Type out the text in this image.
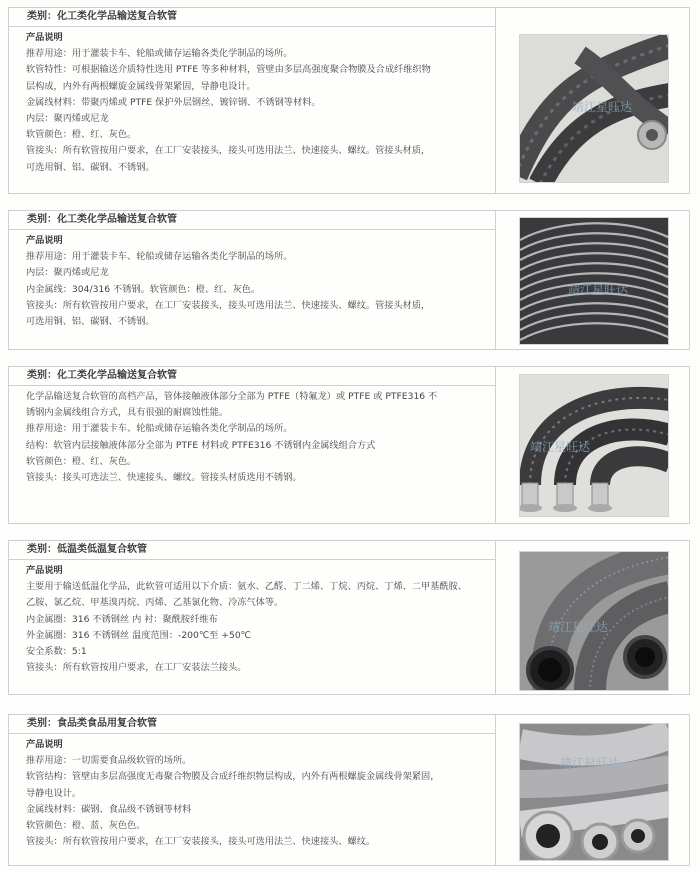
类别：化工类化学品输送复合软管
产品说明
推荐用途：用于灌装卡车、轮船或储存运输各类化学制品的场所。
软管特性：可根据输送介质特性选用 PTFE 等多种材料，管壁由多层高强度聚合物膜及合成纤维织物
层构成，内外有两根螺旋金属线骨架紧固，导静电设计。
金属线材料：带聚丙烯或 PTFE 保护外层钢丝、镀锌钢、不锈钢等材料。
内层：聚丙烯或尼龙
软管颜色：橙、红、灰色。
管接头：所有软管按用户要求，在工厂安装接头，接头可选用法兰、快速接头、螺纹。管接头材质，
可选用铜、铝、碳钢、不锈钢。
靖江星旺达
类别：化工类化学品输送复合软管
产品说明
推荐用途：用于灌装卡车、轮船或储存运输各类化学制品的场所。
内层：聚丙烯或尼龙
内金属线：304/316 不锈钢。软管颜色：橙、红、灰色。
管接头：所有软管按用户要求，在工厂安装接头，接头可选用法兰、快速接头、螺纹。管接头材质，
可选用铜、铝、碳钢、不锈钢。
靖江星旺达
类别：化工类化学品输送复合软管
化学品输送复合软管的高档产品，管体接触液体部分全部为 PTFE（特氟龙）或 PTFE 或 PTFE316 不
锈钢内金属线组合方式，具有很强的耐腐蚀性能。
推荐用途：用于灌装卡车、轮船或储存运输各类化学制品的场所。
结构：软管内层接触液体部分全部为 PTFE 材料或 PTFE316 不锈钢内金属线组合方式
软管颜色：橙、红、灰色。
管接头：接头可选法兰、快速接头、螺纹。管接头材质选用不锈钢。
靖江星旺达
类别：低温类低温复合软管
产品说明
主要用于输送低温化学品，此软管可适用以下介质：氨水、乙醛、丁二烯、丁烷、丙烷、丁烯、二甲基酰胺、
乙胺、氯乙烷、甲基溴丙烷、丙烯、乙基氯化物、冷冻气体等。
内金属圈：316 不锈钢丝 内 衬：聚酰胺纤维布
外金属圈：316 不锈钢丝 温度范围：-200℃至 +50℃
安全系数：5:1
管接头：所有软管按用户要求，在工厂安装法兰接头。
靖江星旺达
类别：食品类食品用复合软管
产品说明
推荐用途：一切需要食品级软管的场所。
软管结构：管壁由多层高强度无毒聚合物膜及合成纤维织物层构成，内外有两根螺旋金属线骨架紧固，
导静电设计。
金属线材料：碳钢、食品级不锈钢等材料
软管颜色：橙、蓝、灰色色。
管接头：所有软管按用户要求，在工厂安装接头，接头可选用法兰、快速接头、螺纹。
靖江星旺达
